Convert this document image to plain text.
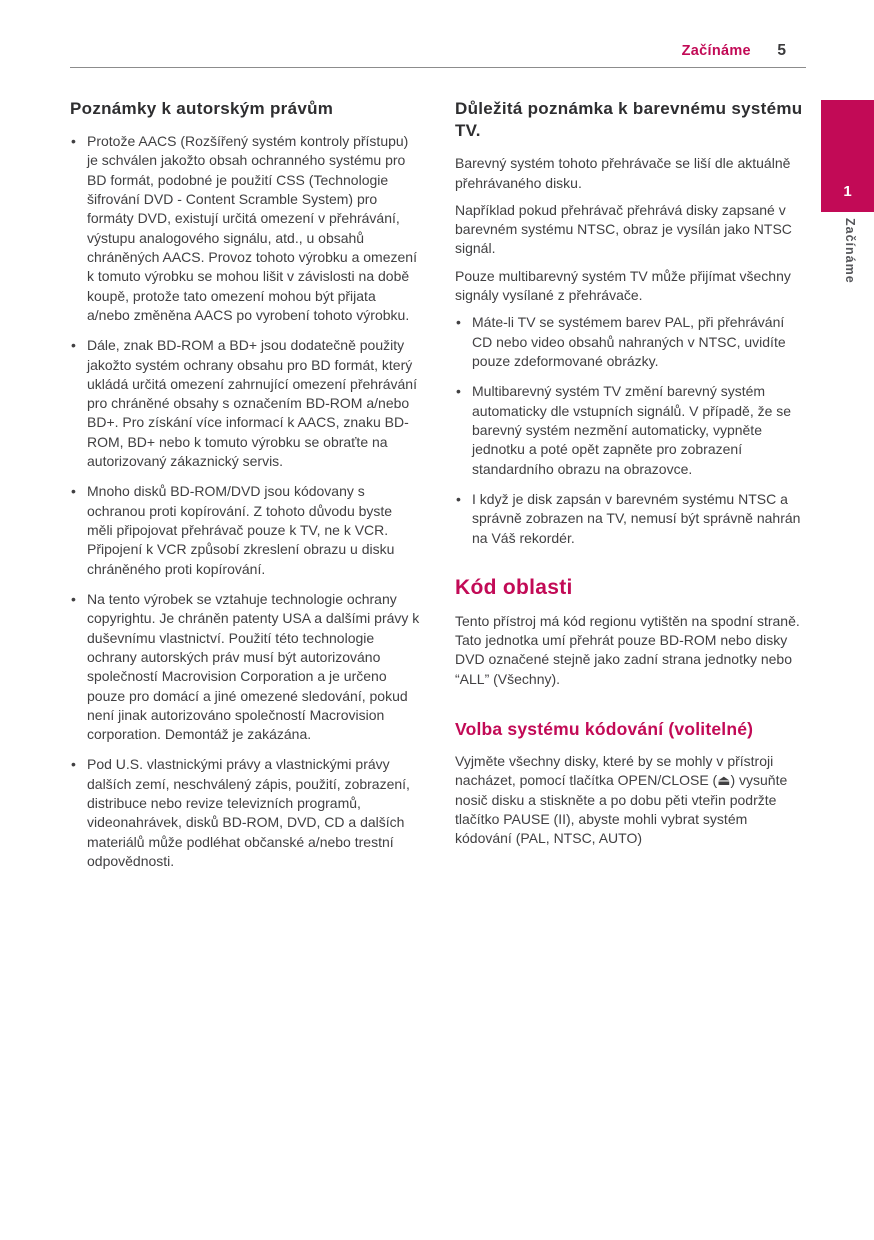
Začínáme 5
1
Začínáme
Poznámky k autorským právům
• Protože AACS (Rozšířený systém kontroly přístupu) je schválen jakožto obsah ochranného systému pro BD formát, podobné je použití CSS (Technologie šifrování DVD - Content Scramble System) pro formáty DVD, existují určitá omezení v přehrávání, výstupu analogového signálu, atd., u obsahů chráněných AACS. Provoz tohoto výrobku a omezení k tomuto výrobku se mohou lišit v závislosti na době koupě, protože tato omezení mohou být přijata a/nebo změněna AACS po vyrobení tohoto výrobku.
• Dále, znak BD-ROM a BD+ jsou dodatečně použity jakožto systém ochrany obsahu pro BD formát, který ukládá určitá omezení zahrnující omezení přehrávání pro chráněné obsahy s označením BD-ROM a/nebo BD+. Pro získání více informací k AACS, znaku BD-ROM, BD+ nebo k tomuto výrobku se obraťte na autorizovaný zákaznický servis.
• Mnoho disků BD-ROM/DVD jsou kódovany s ochranou proti kopírování. Z tohoto důvodu byste měli připojovat přehrávač pouze k TV, ne k VCR. Připojení k VCR způsobí zkreslení obrazu u disku chráněného proti kopírování.
• Na tento výrobek se vztahuje technologie ochrany copyrightu. Je chráněn patenty USA a dalšími právy k duševnímu vlastnictví. Použití této technologie ochrany autorských práv musí být autorizováno společností Macrovision Corporation a je určeno pouze pro domácí a jiné omezené sledování, pokud není jinak autorizováno společností Macrovision corporation. Demontáž je zakázána.
• Pod U.S. vlastnickými právy a vlastnickými právy dalších zemí, neschválený zápis, použití, zobrazení, distribuce nebo revize televizních programů, videonahrávek, disků BD-ROM, DVD, CD a dalších materiálů může podléhat občanské a/nebo trestní odpovědnosti.
Důležitá poznámka k barevnému systému TV.

Barevný systém tohoto přehrávače se liší dle aktuálně přehrávaného disku.

Například pokud přehrávač přehrává disky zapsané v barevném systému NTSC, obraz je vysílán jako NTSC signál.

Pouze multibarevný systém TV může přijímat všechny signály vysílané z přehrávače.

• Máte-li TV se systémem barev PAL, při přehrávání CD nebo video obsahů nahraných v NTSC, uvidíte pouze zdeformované obrázky.
• Multibarevný systém TV změní barevný systém automaticky dle vstupních signálů. V případě, že se barevný systém nezmění automaticky, vypněte jednotku a poté opět zapněte pro zobrazení standardního obrazu na obrazovce.
• I když je disk zapsán v barevném systému NTSC a správně zobrazen na TV, nemusí být správně nahrán na Váš rekordér.
Kód oblasti

Tento přístroj má kód regionu vytištěn na spodní straně. Tato jednotka umí přehrát pouze BD-ROM nebo disky DVD označené stejně jako zadní strana jednotky nebo “ALL” (Všechny).

Volba systému kódování (volitelné)

Vyjměte všechny disky, které by se mohly v přístroji nacházet, pomocí tlačítka OPEN/CLOSE (⏏) vysuňte nosič disku a stiskněte a po dobu pěti vteřin podržte tlačítko PAUSE (II), abyste mohli vybrat systém kódování (PAL, NTSC, AUTO)
